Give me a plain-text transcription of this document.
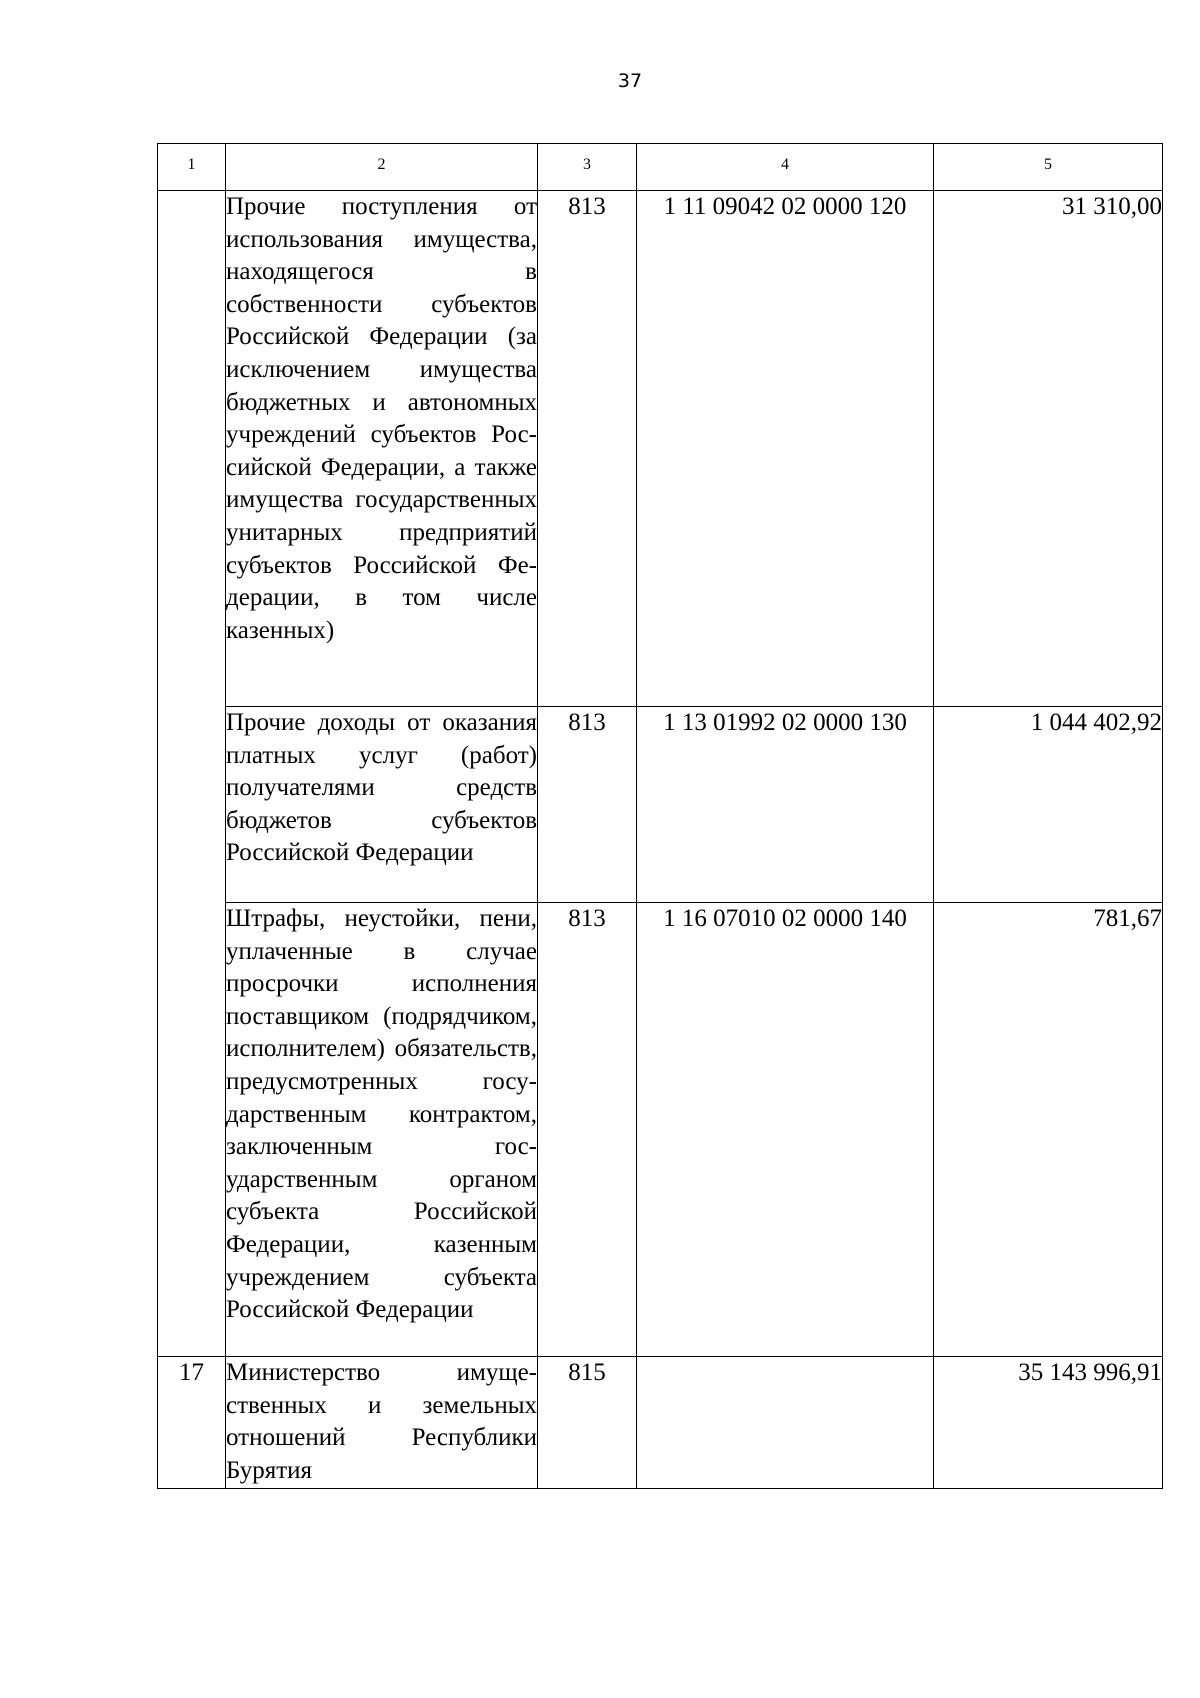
37
1	2	3	4	5
	Прочие поступления от использования имущества, находящегося в собственности субъектов Российской Федерации (за исключением имущества бюджетных и автономных учреждений субъектов Российской Федерации, а также имущества государственных унитарных предприятий субъектов Российской Федерации, в том числе казенных)	813	1 11 09042 02 0000 120	31 310,00
	Прочие доходы от оказания платных услуг (работ) получателями средств бюджетов субъектов Российской Федерации	813	1 13 01992 02 0000 130	1 044 402,92
	Штрафы, неустойки, пени, уплаченные в случае просрочки исполнения поставщиком (подрядчиком, исполнителем) обязательств, предусмотренных государственным контрактом, заключенным государственным органом субъекта Российской Федерации, казенным учреждением субъекта Российской Федерации	813	1 16 07010 02 0000 140	781,67
17	Министерство имущественных и земельных отношений Республики Бурятия	815		35 143 996,91
